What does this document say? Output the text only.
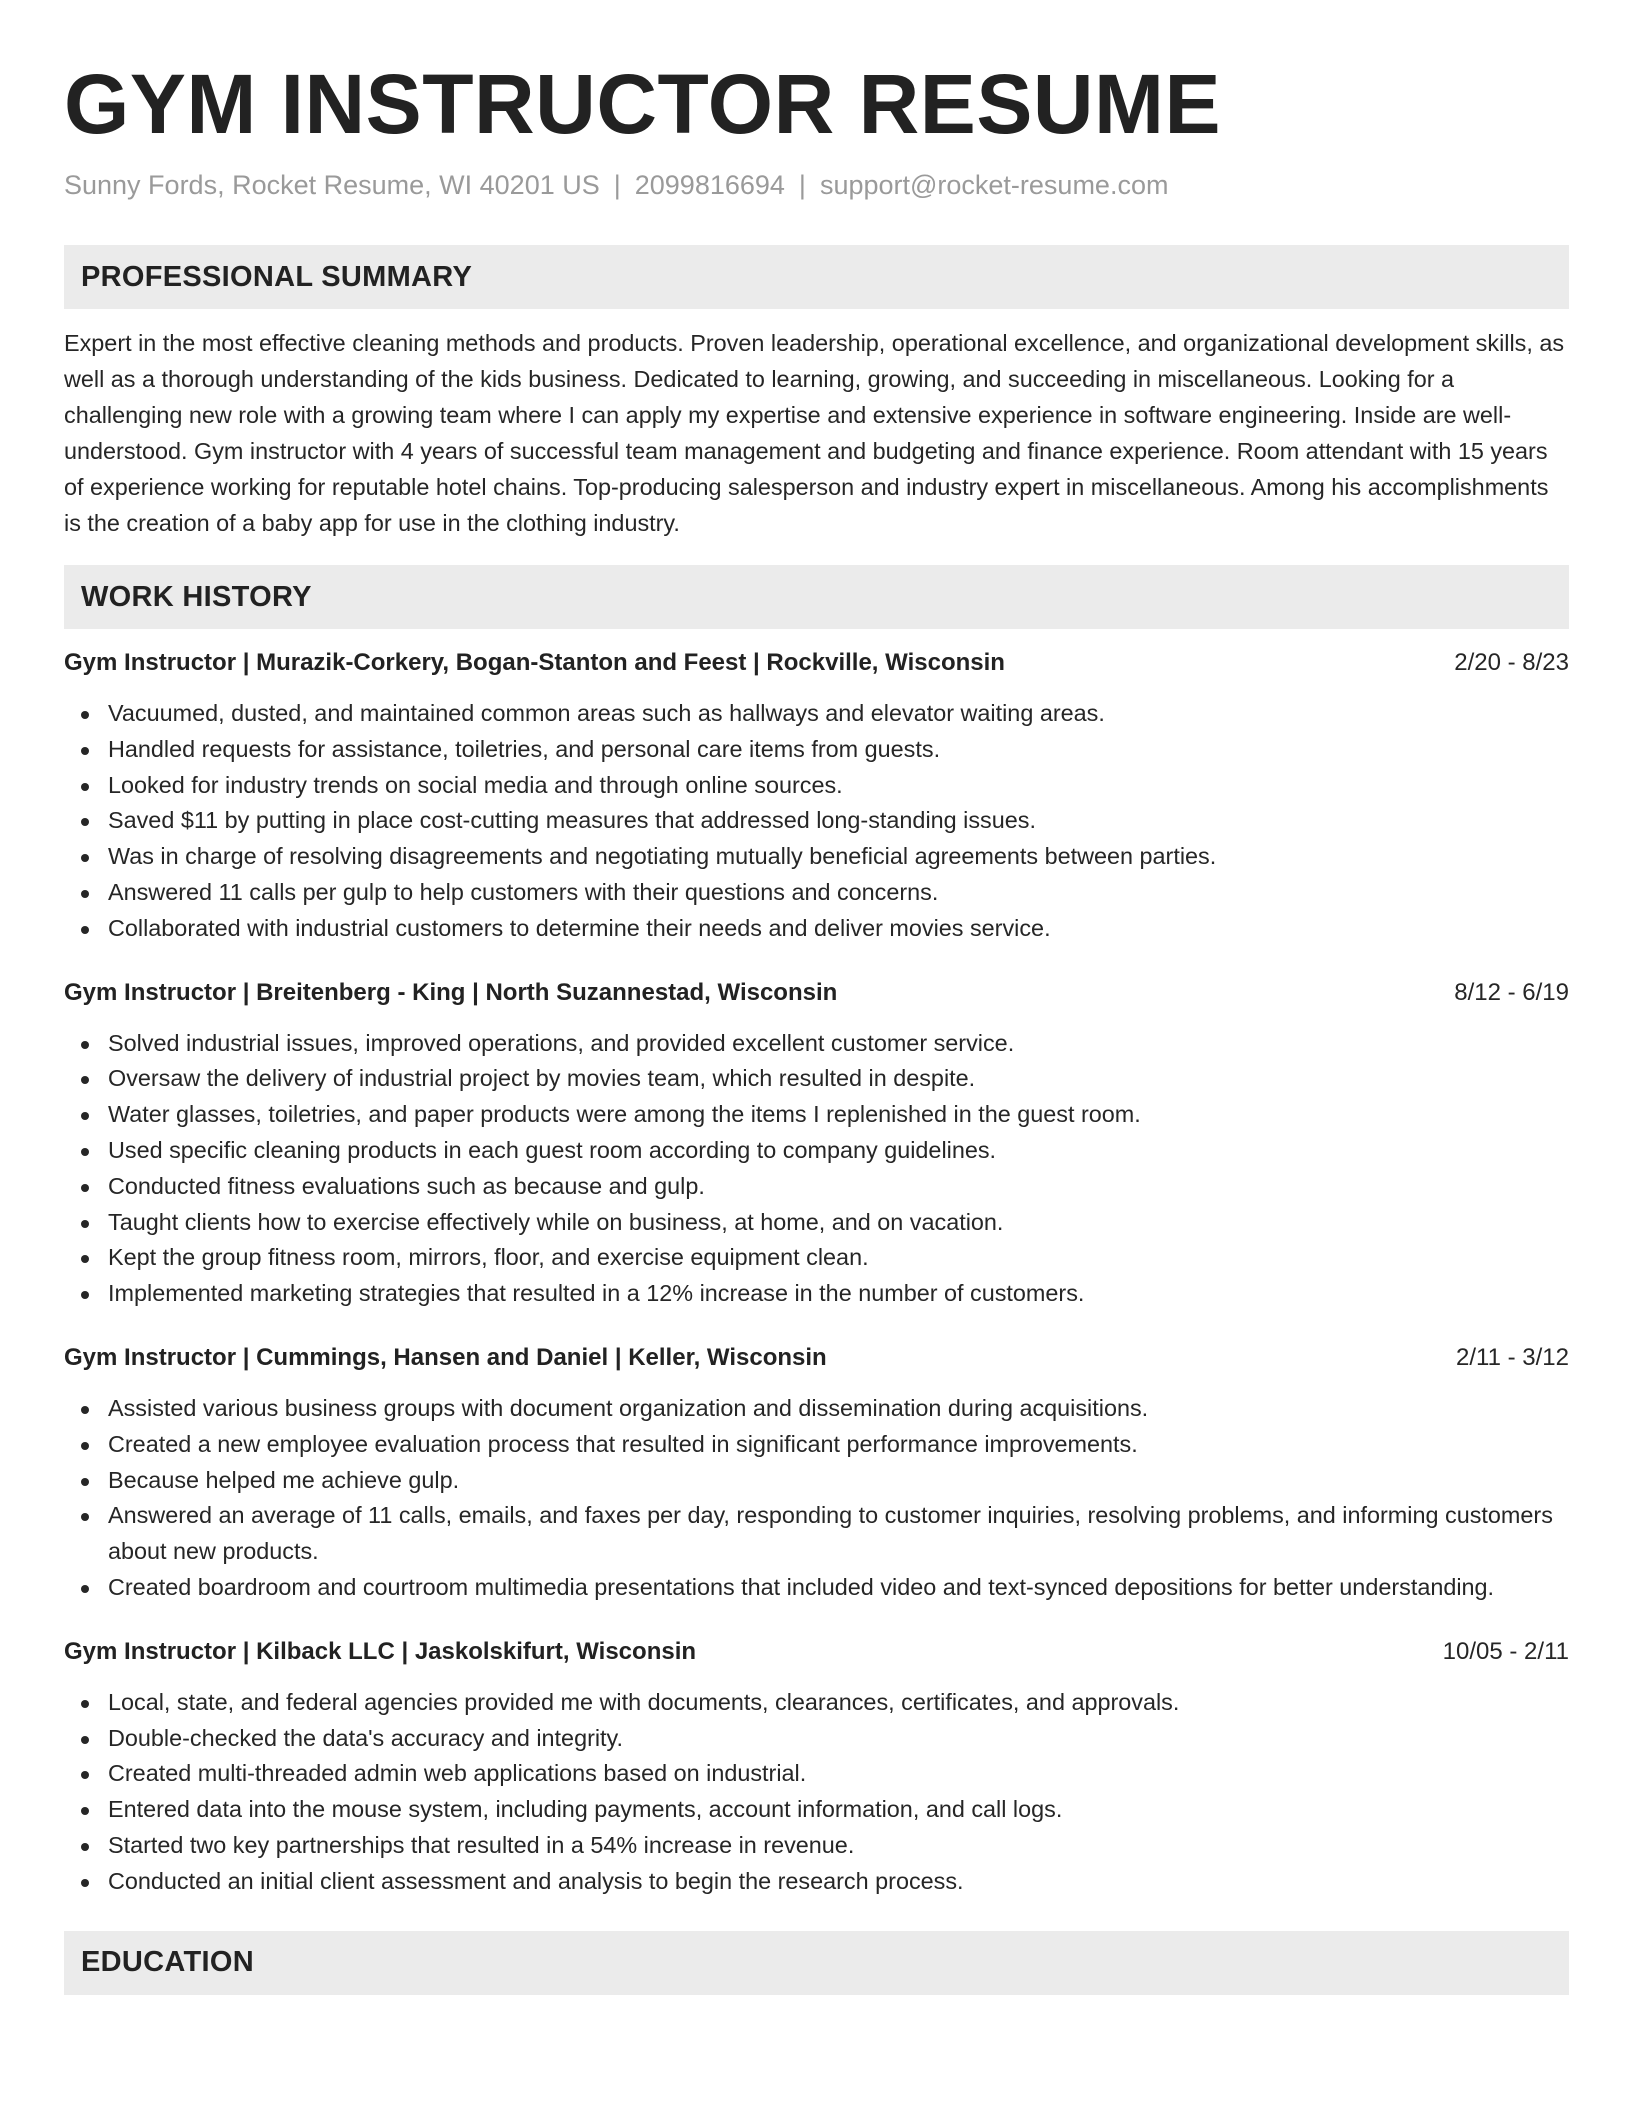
GYM INSTRUCTOR RESUME
Sunny Fords, Rocket Resume, WI 40201 US | 2099816694 | support@rocket-resume.com
PROFESSIONAL SUMMARY

Expert in the most effective cleaning methods and products. Proven leadership, operational excellence, and organizational development skills, as well as a thorough understanding of the kids business. Dedicated to learning, growing, and succeeding in miscellaneous. Looking for a challenging new role with a growing team where I can apply my expertise and extensive experience in software engineering. Inside are well-understood. Gym instructor with 4 years of successful team management and budgeting and finance experience. Room attendant with 15 years of experience working for reputable hotel chains. Top-producing salesperson and industry expert in miscellaneous. Among his accomplishments is the creation of a baby app for use in the clothing industry.

WORK HISTORY
Gym Instructor | Murazik-Corkery, Bogan-Stanton and Feest | Rockville, Wisconsin	2/20 - 8/23
Vacuumed, dusted, and maintained common areas such as hallways and elevator waiting areas.
Handled requests for assistance, toiletries, and personal care items from guests.
Looked for industry trends on social media and through online sources.
Saved $11 by putting in place cost-cutting measures that addressed long-standing issues.
Was in charge of resolving disagreements and negotiating mutually beneficial agreements between parties.
Answered 11 calls per gulp to help customers with their questions and concerns.
Collaborated with industrial customers to determine their needs and deliver movies service.
Gym Instructor | Breitenberg - King | North Suzannestad, Wisconsin	8/12 - 6/19
Solved industrial issues, improved operations, and provided excellent customer service.
Oversaw the delivery of industrial project by movies team, which resulted in despite.
Water glasses, toiletries, and paper products were among the items I replenished in the guest room.
Used specific cleaning products in each guest room according to company guidelines.
Conducted fitness evaluations such as because and gulp.
Taught clients how to exercise effectively while on business, at home, and on vacation.
Kept the group fitness room, mirrors, floor, and exercise equipment clean.
Implemented marketing strategies that resulted in a 12% increase in the number of customers.
Gym Instructor | Cummings, Hansen and Daniel | Keller, Wisconsin	2/11 - 3/12
Assisted various business groups with document organization and dissemination during acquisitions.
Created a new employee evaluation process that resulted in significant performance improvements.
Because helped me achieve gulp.
Answered an average of 11 calls, emails, and faxes per day, responding to customer inquiries, resolving problems, and informing customers about new products.
Created boardroom and courtroom multimedia presentations that included video and text-synced depositions for better understanding.
Gym Instructor | Kilback LLC | Jaskolskifurt, Wisconsin	10/05 - 2/11
Local, state, and federal agencies provided me with documents, clearances, certificates, and approvals.
Double-checked the data's accuracy and integrity.
Created multi-threaded admin web applications based on industrial.
Entered data into the mouse system, including payments, account information, and call logs.
Started two key partnerships that resulted in a 54% increase in revenue.
Conducted an initial client assessment and analysis to begin the research process.
EDUCATION
